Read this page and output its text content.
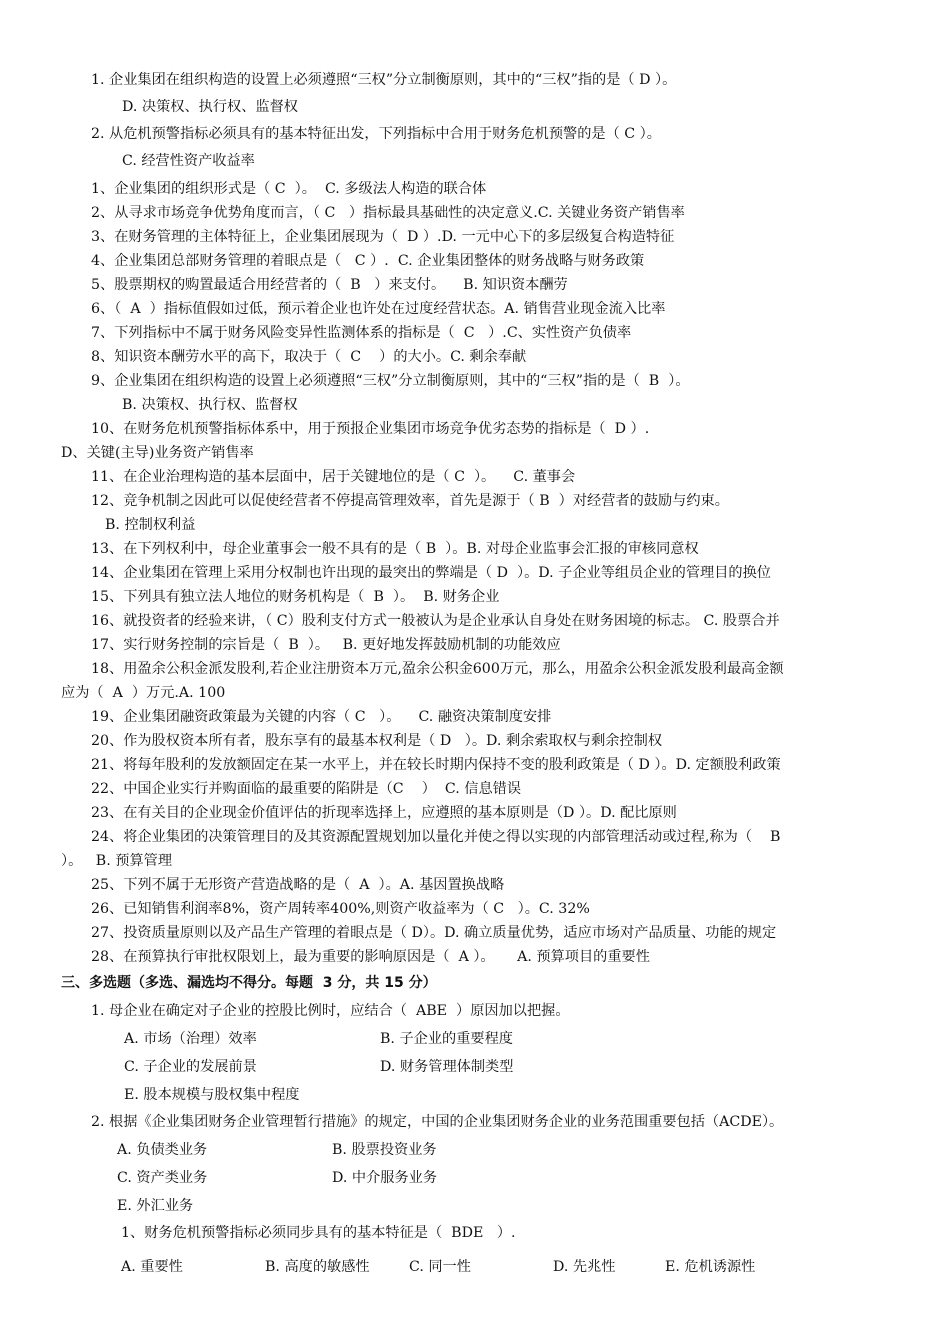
1. 企业集团在组织构造的设置上必须遵照“三权”分立制衡原则，其中的“三权”指的是（ D ）。
D. 决策权、执行权、监督权
2. 从危机预警指标必须具有的基本特征出发，下列指标中合用于财务危机预警的是（ C ）。
C. 经营性资产收益率
1、企业集团的组织形式是（ C  ）。  C. 多级法人构造的联合体
2、从寻求市场竞争优势角度而言，（ C   ）指标最具基础性的决定意义.C. 关键业务资产销售率
3、在财务管理的主体特征上，企业集团展现为（  D ）.D. 一元中心下的多层级复合构造特征
4、企业集团总部财务管理的着眼点是（   C ）.  C. 企业集团整体的财务战略与财务政策
5、股票期权的购置最适合用经营者的（  B   ）来支付。    B. 知识资本酬劳
6、（  A  ）指标值假如过低，预示着企业也许处在过度经营状态。A. 销售营业现金流入比率
7、下列指标中不属于财务风险变异性监测体系的指标是（  C   ）.C、实性资产负债率
8、知识资本酬劳水平的高下，取决于（  C    ）的大小。C. 剩余奉献
9、企业集团在组织构造的设置上必须遵照“三权”分立制衡原则，其中的“三权”指的是（  B  ）。
B. 决策权、执行权、监督权
10、在财务危机预警指标体系中，用于预报企业集团市场竞争优劣态势的指标是（  D ）.
D、关键(主导)业务资产销售率
11、在企业治理构造的基本层面中，居于关键地位的是（ C  ）。    C. 董事会
12、竞争机制之因此可以促使经营者不停提高管理效率，首先是源于（ B  ）对经营者的鼓励与约束。
B. 控制权利益
13、在下列权利中，母企业董事会一般不具有的是（ B  ）。B. 对母企业监事会汇报的审核同意权
14、企业集团在管理上采用分权制也许出现的最突出的弊端是（ D  ）。D. 子企业等组员企业的管理目的换位
15、下列具有独立法人地位的财务机构是（  B  ）。  B. 财务企业
16、就投资者的经验来讲，（ C）股利支付方式一般被认为是企业承认自身处在财务困境的标志。 C. 股票合并
17、实行财务控制的宗旨是（  B  ）。   B. 更好地发挥鼓励机制的功能效应
18、用盈余公积金派发股利,若企业注册资本万元,盈余公积金600万元，那么，用盈余公积金派发股利最高金额
应为（  A  ）万元.A. 100
19、企业集团融资政策最为关键的内容（ C   ）。    C. 融资决策制度安排
20、作为股权资本所有者，股东享有的最基本权利是（ D   ）。D. 剩余索取权与剩余控制权
21、将每年股利的发放额固定在某一水平上，并在较长时期内保持不变的股利政策是（ D ）。D. 定额股利政策
22、中国企业实行并购面临的最重要的陷阱是（C    ）  C. 信息错误
23、在有关目的企业现金价值评估的折现率选择上，应遵照的基本原则是（D ）。D. 配比原则
24、将企业集团的决策管理目的及其资源配置规划加以量化并使之得以实现的内部管理活动或过程,称为（    B
）。   B. 预算管理
25、下列不属于无形资产营造战略的是（  A  ）。A. 基因置换战略
26、已知销售利润率8%，资产周转率400%,则资产收益率为（ C   ）。C. 32%
27、投资质量原则以及产品生产管理的着眼点是（ D）。D. 确立质量优势，适应市场对产品质量、功能的规定
28、在预算执行审批权限划上，最为重要的影响原因是（  A ）。     A. 预算项目的重要性
三、多选题（多选、漏选均不得分。每题  3 分，共 15 分）
1. 母企业在确定对子企业的控股比例时，应结合（  ABE  ）原因加以把握。
A. 市场（治理）效率	B. 子企业的重要程度
C. 子企业的发展前景	D. 财务管理体制类型
E. 股本规模与股权集中程度
2. 根据《企业集团财务企业管理暂行措施》的规定，中国的企业集团财务企业的业务范围重要包括（ACDE）。
A. 负债类业务	B. 股票投资业务
C. 资产类业务	D. 中介服务业务
E. 外汇业务
1、财务危机预警指标必须同步具有的基本特征是（  BDE   ）.
A. 重要性	B. 高度的敏感性	C. 同一性	D. 先兆性	E. 危机诱源性
